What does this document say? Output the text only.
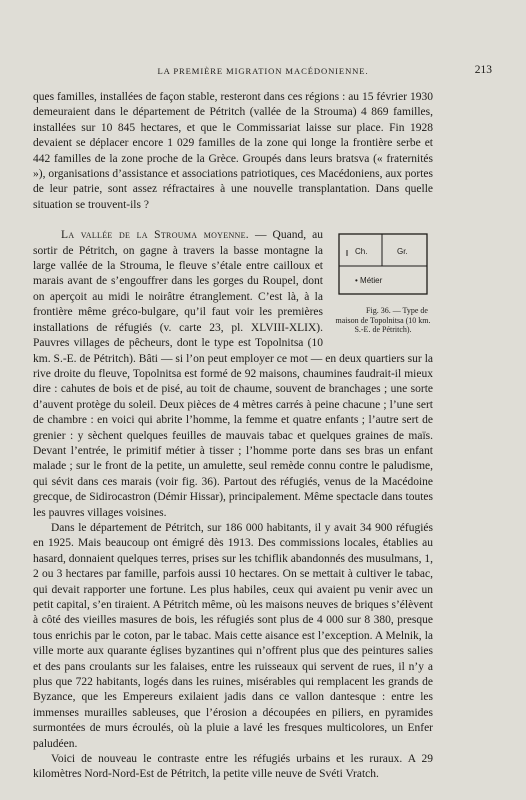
LA PREMIÈRE MIGRATION MACÉDONIENNE.	213

ques familles, installées de façon stable, resteront dans ces régions : au 15 février 1930 demeuraient dans le département de Pétritch (vallée de la Strouma) 4 869 familles, installées sur 10 845 hectares, et que le Commissariat laisse sur place. Fin 1928 devaient se déplacer encore 1 029 familles de la zone qui longe la frontière serbe et 442 familles de la zone proche de la Grèce. Groupés dans leurs bratsva (« fraternités »), organisations d’assistance et associations patriotiques, ces Macédoniens, aux portes de leur patrie, sont assez réfractaires à une nouvelle transplantation. Dans quelle situation se trouvent-ils ?

Ch.	Gr.
• Métier
Fig. 36. — Type de maison de Topolnitsa (10 km. S.-E. de Pétritch).
La vallée de la Strouma moyenne. — Quand, au sortir de Pétritch, on gagne à travers la basse montagne la large vallée de la Strouma, le fleuve s’étale entre cailloux et marais avant de s’engouffrer dans les gorges du Roupel, dont on aperçoit au midi le noirâtre étranglement. C’est là, à la frontière même gréco-bulgare, qu’il faut voir les premières installations de réfugiés (v. carte 23, pl. XLVIII-XLIX). Pauvres villages de pêcheurs, dont le type est Topolnitsa (10 km. S.-E. de Pétritch). Bâti — si l’on peut employer ce mot — en deux quartiers sur la rive droite du fleuve, Topolnitsa est formé de 92 maisons, chaumines faudrait-il mieux dire : cahutes de bois et de pisé, au toit de chaume, souvent de branchages ; une sorte d’auvent protège du soleil. Deux pièces de 4 mètres carrés à peine chacune ; l’une sert de chambre : en voici qui abrite l’homme, la femme et quatre enfants ; l’autre sert de grenier : y sèchent quelques feuilles de mauvais tabac et quelques graines de maïs. Devant l’entrée, le primitif métier à tisser ; l’homme porte dans ses bras un enfant malade ; sur le front de la petite, un amulette, seul remède connu contre le paludisme, qui sévit dans ces marais (voir fig. 36). Partout des réfugiés, venus de la Macédoine grecque, de Sidirocastron (Démir Hissar), principalement. Même spectacle dans toutes les pauvres villages voisines.

Dans le département de Pétritch, sur 186 000 habitants, il y avait 34 900 réfugiés en 1925. Mais beaucoup ont émigré dès 1913. Des commissions locales, établies au hasard, donnaient quelques terres, prises sur les tchiflik abandonnés des musulmans, 1, 2 ou 3 hectares par famille, parfois aussi 10 hectares. On se mettait à cultiver le tabac, qui devait rapporter une fortune. Les plus habiles, ceux qui avaient pu venir avec un petit capital, s’en tiraient. A Pétritch même, où les maisons neuves de briques s’élèvent à côté des vieilles masures de bois, les réfugiés sont plus de 4 000 sur 8 380, presque tous enrichis par le coton, par le tabac. Mais cette aisance est l’exception. A Melnik, la ville morte aux quarante églises byzantines qui n’offrent plus que des peintures salies et des pans croulants sur les falaises, entre les ruisseaux qui servent de rues, il n’y a plus que 722 habitants, logés dans les ruines, misérables qui remplacent les grands de Byzance, que les Empereurs exilaient jadis dans ce vallon dantesque : entre les immenses murailles sableuses, que l’érosion a découpées en piliers, en pyramides surmontées de murs écroulés, où la pluie a lavé les fresques multicolores, un Enfer paludéen.

Voici de nouveau le contraste entre les réfugiés urbains et les ruraux. A 29 kilomètres Nord-Nord-Est de Pétritch, la petite ville neuve de Svéti Vratch.
